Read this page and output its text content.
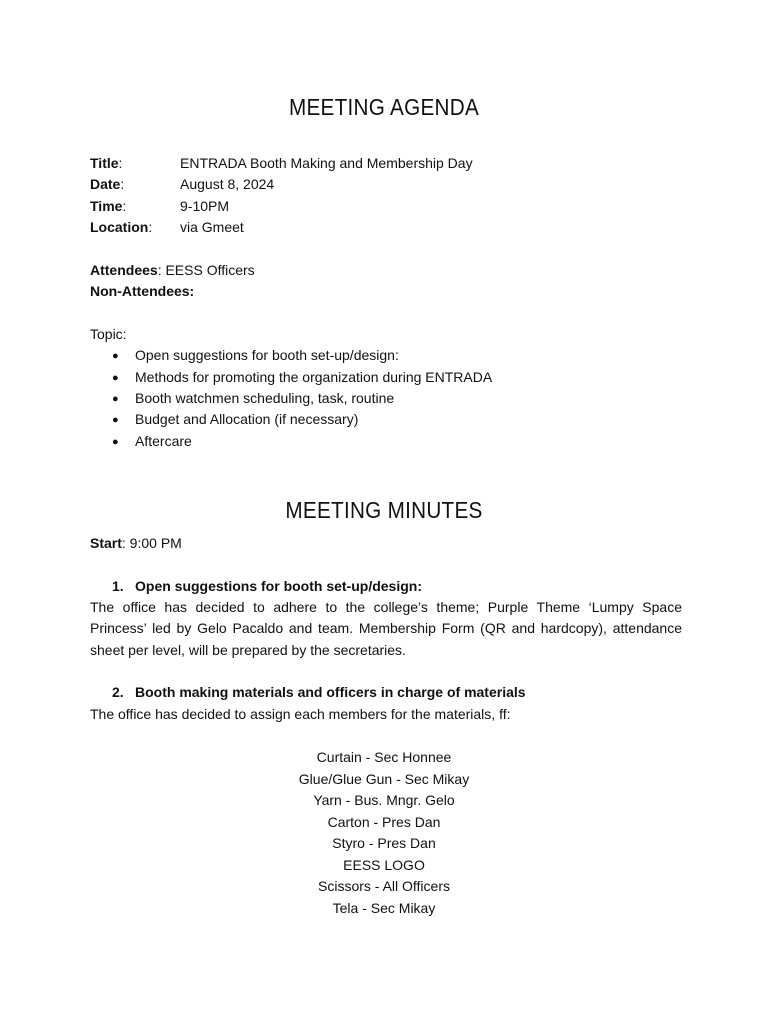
MEETING AGENDA
Title:	ENTRADA Booth Making and Membership Day
Date:	August 8, 2024
Time:	9-10PM
Location: via Gmeet
Attendees: EESS Officers
Non-Attendees:
Topic:
● Open suggestions for booth set-up/design:
● Methods for promoting the organization during ENTRADA
● Booth watchmen scheduling, task, routine
● Budget and Allocation (if necessary)
● Aftercare
MEETING MINUTES
Start: 9:00 PM
1. Open suggestions for booth set-up/design:
The office has decided to adhere to the college’s theme; Purple Theme ‘Lumpy Space Princess’ led by Gelo Pacaldo and team. Membership Form (QR and hardcopy), attendance sheet per level, will be prepared by the secretaries.
2. Booth making materials and officers in charge of materials
The office has decided to assign each members for the materials, ff:
Curtain - Sec Honnee
Glue/Glue Gun - Sec Mikay
Yarn - Bus. Mngr. Gelo
Carton - Pres Dan
Styro - Pres Dan
EESS LOGO
Scissors - All Officers
Tela - Sec Mikay
